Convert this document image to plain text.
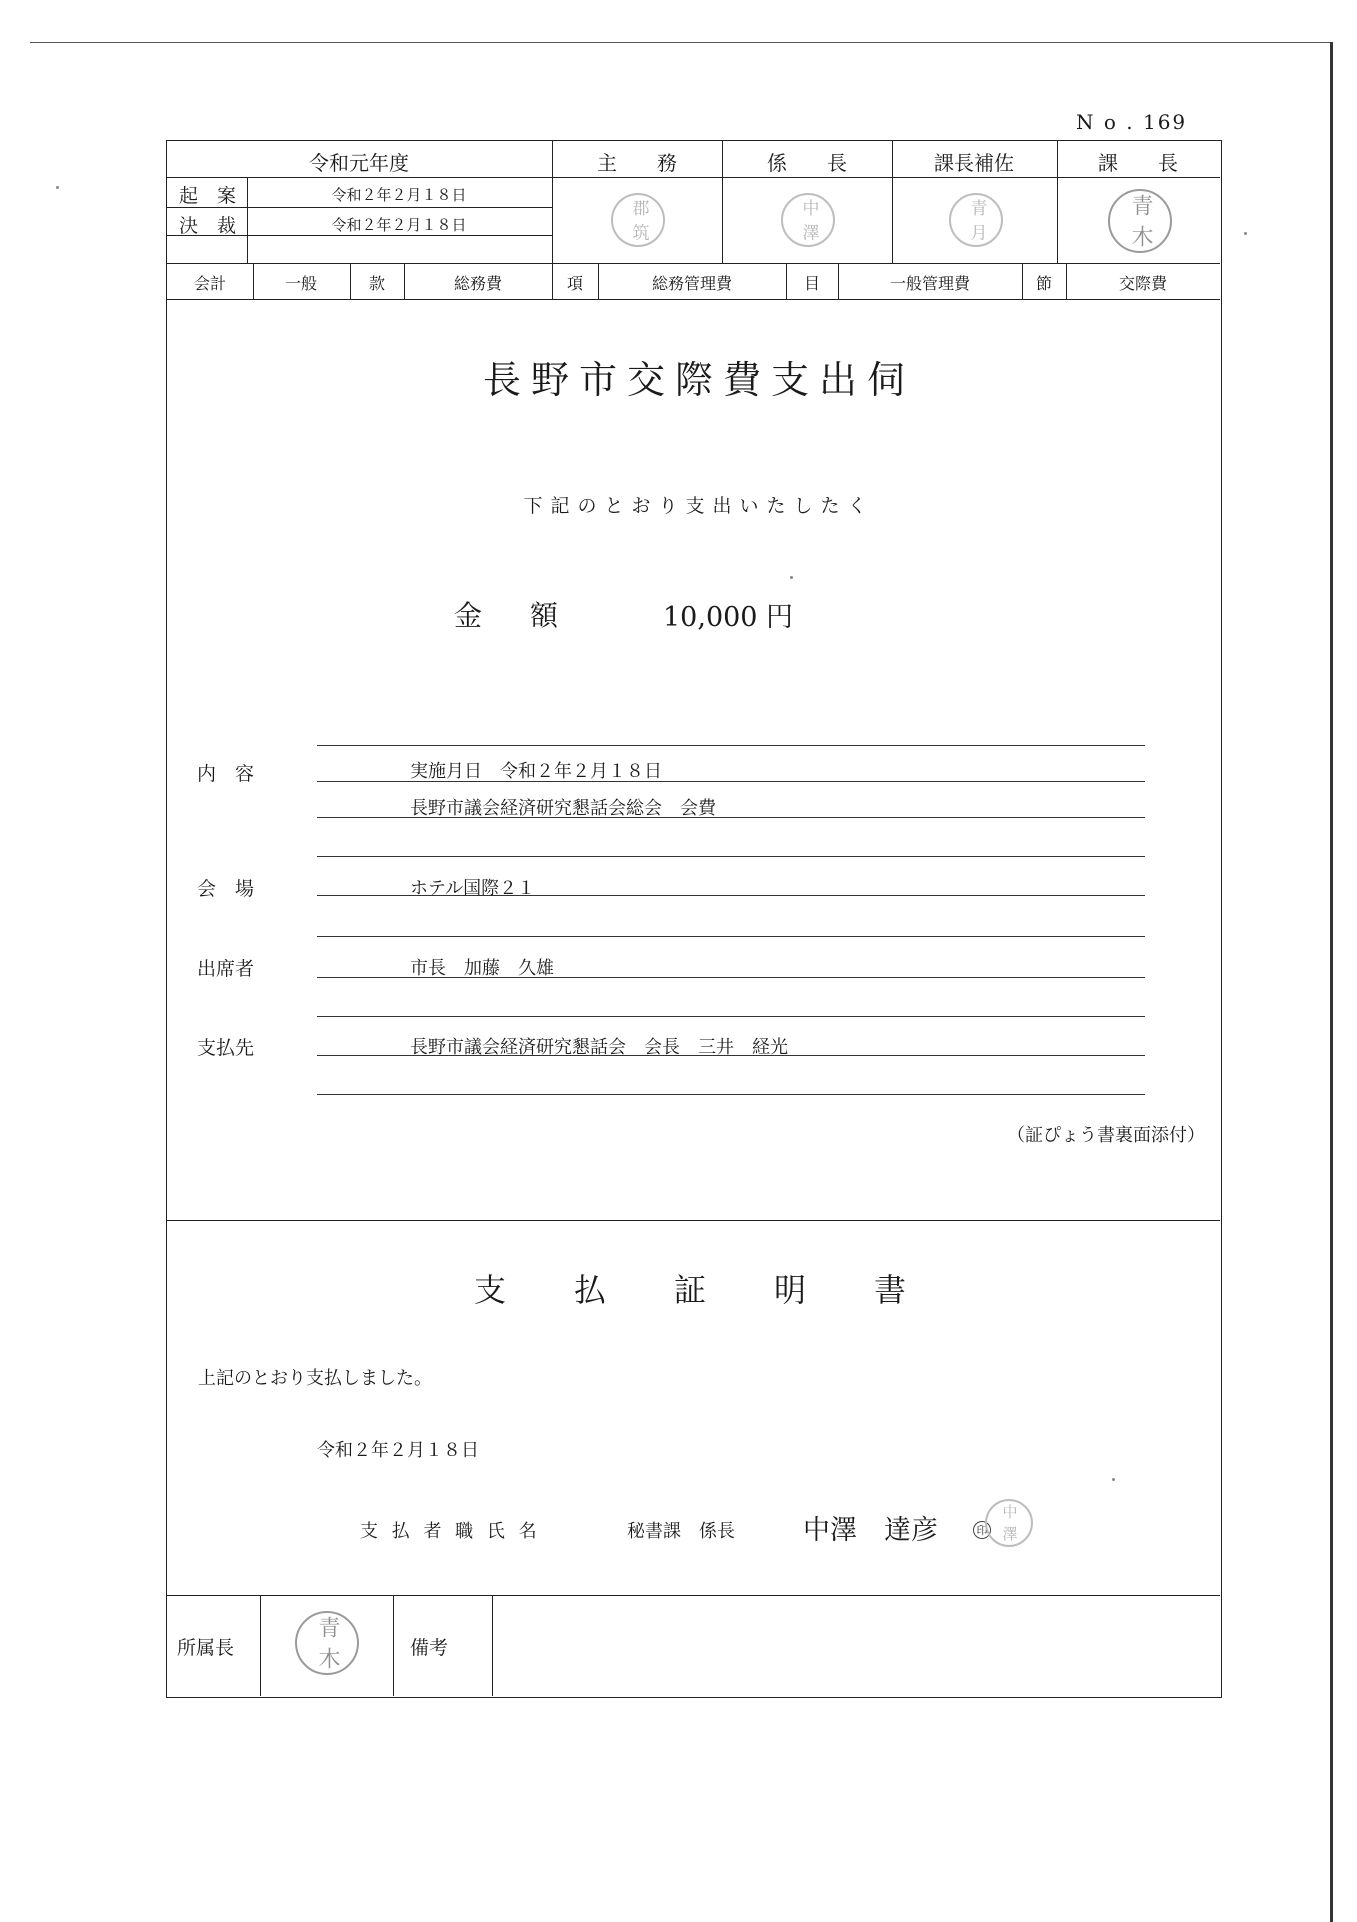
N o . 169
令和元年度	主　　務	係　　長	課長補佐	課　　長
起　案	令和２年２月１８日
決　裁	令和２年２月１８日	郡 筑	中 澤	青 月	青 木
会計	一般	款	総務費	項	総務管理費	目	一般管理費	節	交際費
長野市交際費支出伺
下記のとおり支出いたしたく
金　額	10,000 円
内　容	実施月日　令和２年２月１８日
長野市議会経済研究懇話会総会　会費
会　場	ホテル国際２１
出席者	市長　加藤　久雄
支払先	長野市議会経済研究懇話会　会長　三井　経光
（証ぴょう書裏面添付）
支　払　証　明　書
上記のとおり支払しました。
令和２年２月１８日
支 払 者 職 氏 名	秘書課　係長	中澤　達彦	印 中 澤
所属長	青 木	備考
